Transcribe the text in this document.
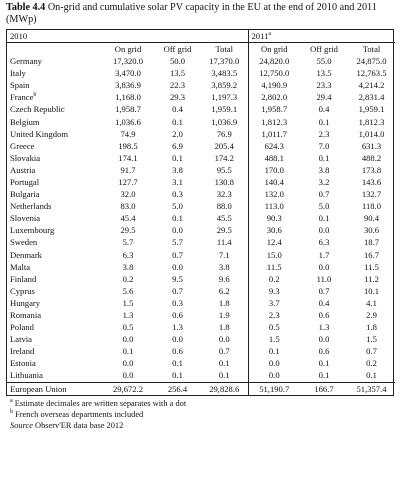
Table 4.4 On-grid and cumulative solar PV capacity in the EU at the end of 2010 and 2011 (MWp)
2010				2011$^a$
	On grid	Off grid	Total	On grid	Off grid	Total
Germany	17,320.0	50.0	17,370.0	24,820.0	55.0	24,875.0
Italy	3,470.0	13.5	3,483.5	12,750.0	13.5	12,763.5
Spain	3,836.9	22.3	3,859.2	4,190.9	23.3	4,214.2
France$^b$	1,168.0	29.3	1,197.3	2,802.0	29.4	2,831.4
Czech Republic	1,958.7	0.4	1,959.1	1,958.7	0.4	1,959.1
Belgium	1,036.6	0.1	1,036.9	1,812.3	0.1	1,812.3
United Kingdom	74.9	2.0	76.9	1,011.7	2.3	1,014.0
Greece	198.5	6.9	205.4	624.3	7.0	631.3
Slovakia	174.1	0.1	174.2	488.1	0.1	488.2
Austria	91.7	3.8	95.5	170.0	3.8	173.8
Portugal	127.7	3.1	130.8	140.4	3.2	143.6
Bulgaria	32.0	0.3	32.3	132.0	0.7	132.7
Netherlands	83.0	5.0	88.0	113.0	5.0	118.0
Slovenia	45.4	0.1	45.5	90.3	0.1	90.4
Luxembourg	29.5	0.0	29.5	30.6	0.0	30.6
Sweden	5.7	5.7	11.4	12.4	6.3	18.7
Denmark	6.3	0.7	7.1	15.0	1.7	16.7
Malta	3.8	0.0	3.8	11.5	0.0	11.5
Finland	0.2	9.5	9.6	0.2	11.0	11.2
Cyprus	5.6	0.7	6.2	9.3	0.7	10.1
Hungary	1.5	0.3	1.8	3.7	0.4	4.1
Romania	1.3	0.6	1.9	2.3	0.6	2.9
Poland	0.5	1.3	1.8	0.5	1.3	1.8
Latvia	0.0	0.0	0.0	1.5	0.0	1.5
Ireland	0.1	0.6	0.7	0.1	0.6	0.7
Estonia	0.0	0.1	0.1	0.0	0.1	0.2
Lithuania	0.0	0.1	0.1	0.0	0.1	0.1
European Union	29,672.2	256.4	29,828.6	51,190.7	166.7	51,357.4
$^a$ Estimate decimales are written separates with a dot
$^b$ French overseas departments included
Source Observ'ER data base 2012
